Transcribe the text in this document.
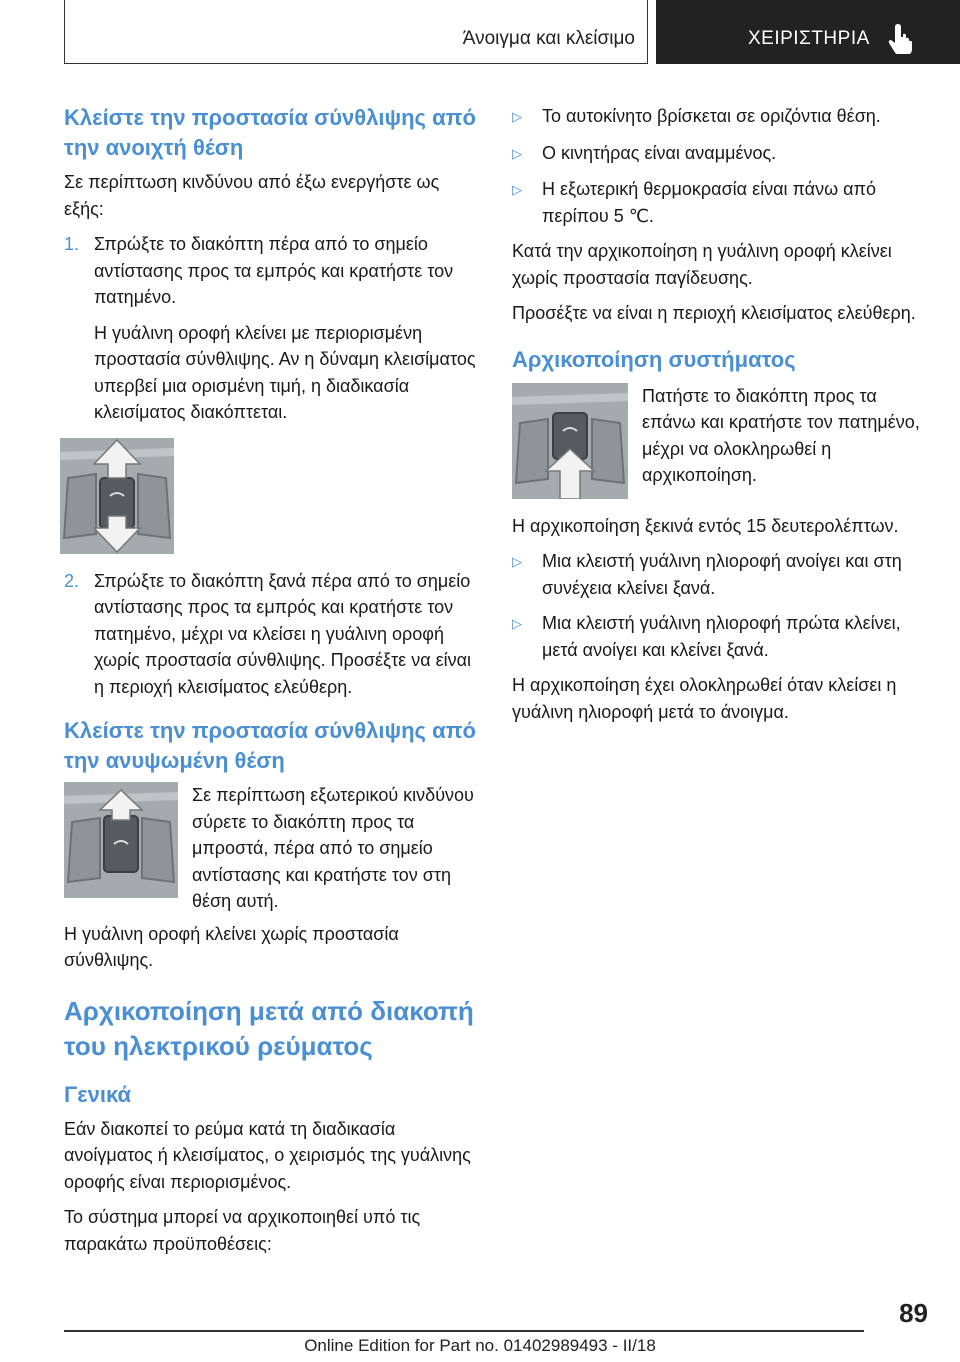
Άνοιγμα και κλείσιμο	ΧΕΙΡΙΣΤΗΡΙΑ
Κλείστε την προστασία σύνθλιψης από την ανοιχτή θέση

Σε περίπτωση κινδύνου από έξω ενεργήστε ως εξής:

1. Σπρώξτε το διακόπτη πέρα από το σημείο αντίστασης προς τα εμπρός και κρατήστε τον πατημένο.

Η γυάλινη οροφή κλείνει με περιορισμένη προστασία σύνθλιψης. Αν η δύναμη κλεισίματος υπερβεί μια ορισμένη τιμή, η διαδικασία κλεισίματος διακόπτεται.

2. Σπρώξτε το διακόπτη ξανά πέρα από το σημείο αντίστασης προς τα εμπρός και κρατήστε τον πατημένο, μέχρι να κλείσει η γυάλινη οροφή χωρίς προστασία σύνθλιψης. Προσέξτε να είναι η περιοχή κλεισίματος ελεύθερη.
Κλείστε την προστασία σύνθλιψης από την ανυψωμένη θέση
Σε περίπτωση εξωτερικού κινδύνου σύρετε το διακόπτη προς τα μπροστά, πέρα από το σημείο αντίστασης και κρατήστε τον στη θέση αυτή.

Η γυάλινη οροφή κλείνει χωρίς προστασία σύνθλιψης.

Αρχικοποίηση μετά από διακοπή του ηλεκτρικού ρεύματος
Γενικά

Εάν διακοπεί το ρεύμα κατά τη διαδικασία ανοίγματος ή κλεισίματος, ο χειρισμός της γυάλινης οροφής είναι περιορισμένος.

Το σύστημα μπορεί να αρχικοποιηθεί υπό τις παρακάτω προϋποθέσεις:

▷	Το αυτοκίνητο βρίσκεται σε οριζόντια θέση.
▷	Ο κινητήρας είναι αναμμένος.
▷	Η εξωτερική θερμοκρασία είναι πάνω από περίπου 5 ℃.

Κατά την αρχικοποίηση η γυάλινη οροφή κλείνει χωρίς προστασία παγίδευσης.

Προσέξτε να είναι η περιοχή κλεισίματος ελεύθερη.

Αρχικοποίηση συστήματος
Πατήστε το διακόπτη προς τα επάνω και κρατήστε τον πατημένο, μέχρι να ολοκληρωθεί η αρχικοποίηση.

Η αρχικοποίηση ξεκινά εντός 15 δευτερολέπτων.

▷	Μια κλειστή γυάλινη ηλιοροφή ανοίγει και στη συνέχεια κλείνει ξανά.
▷	Μια κλειστή γυάλινη ηλιοροφή πρώτα κλείνει, μετά ανοίγει και κλείνει ξανά.

Η αρχικοποίηση έχει ολοκληρωθεί όταν κλείσει η γυάλινη ηλιοροφή μετά το άνοιγμα.

89
Online Edition for Part no. 01402989493 - II/18
